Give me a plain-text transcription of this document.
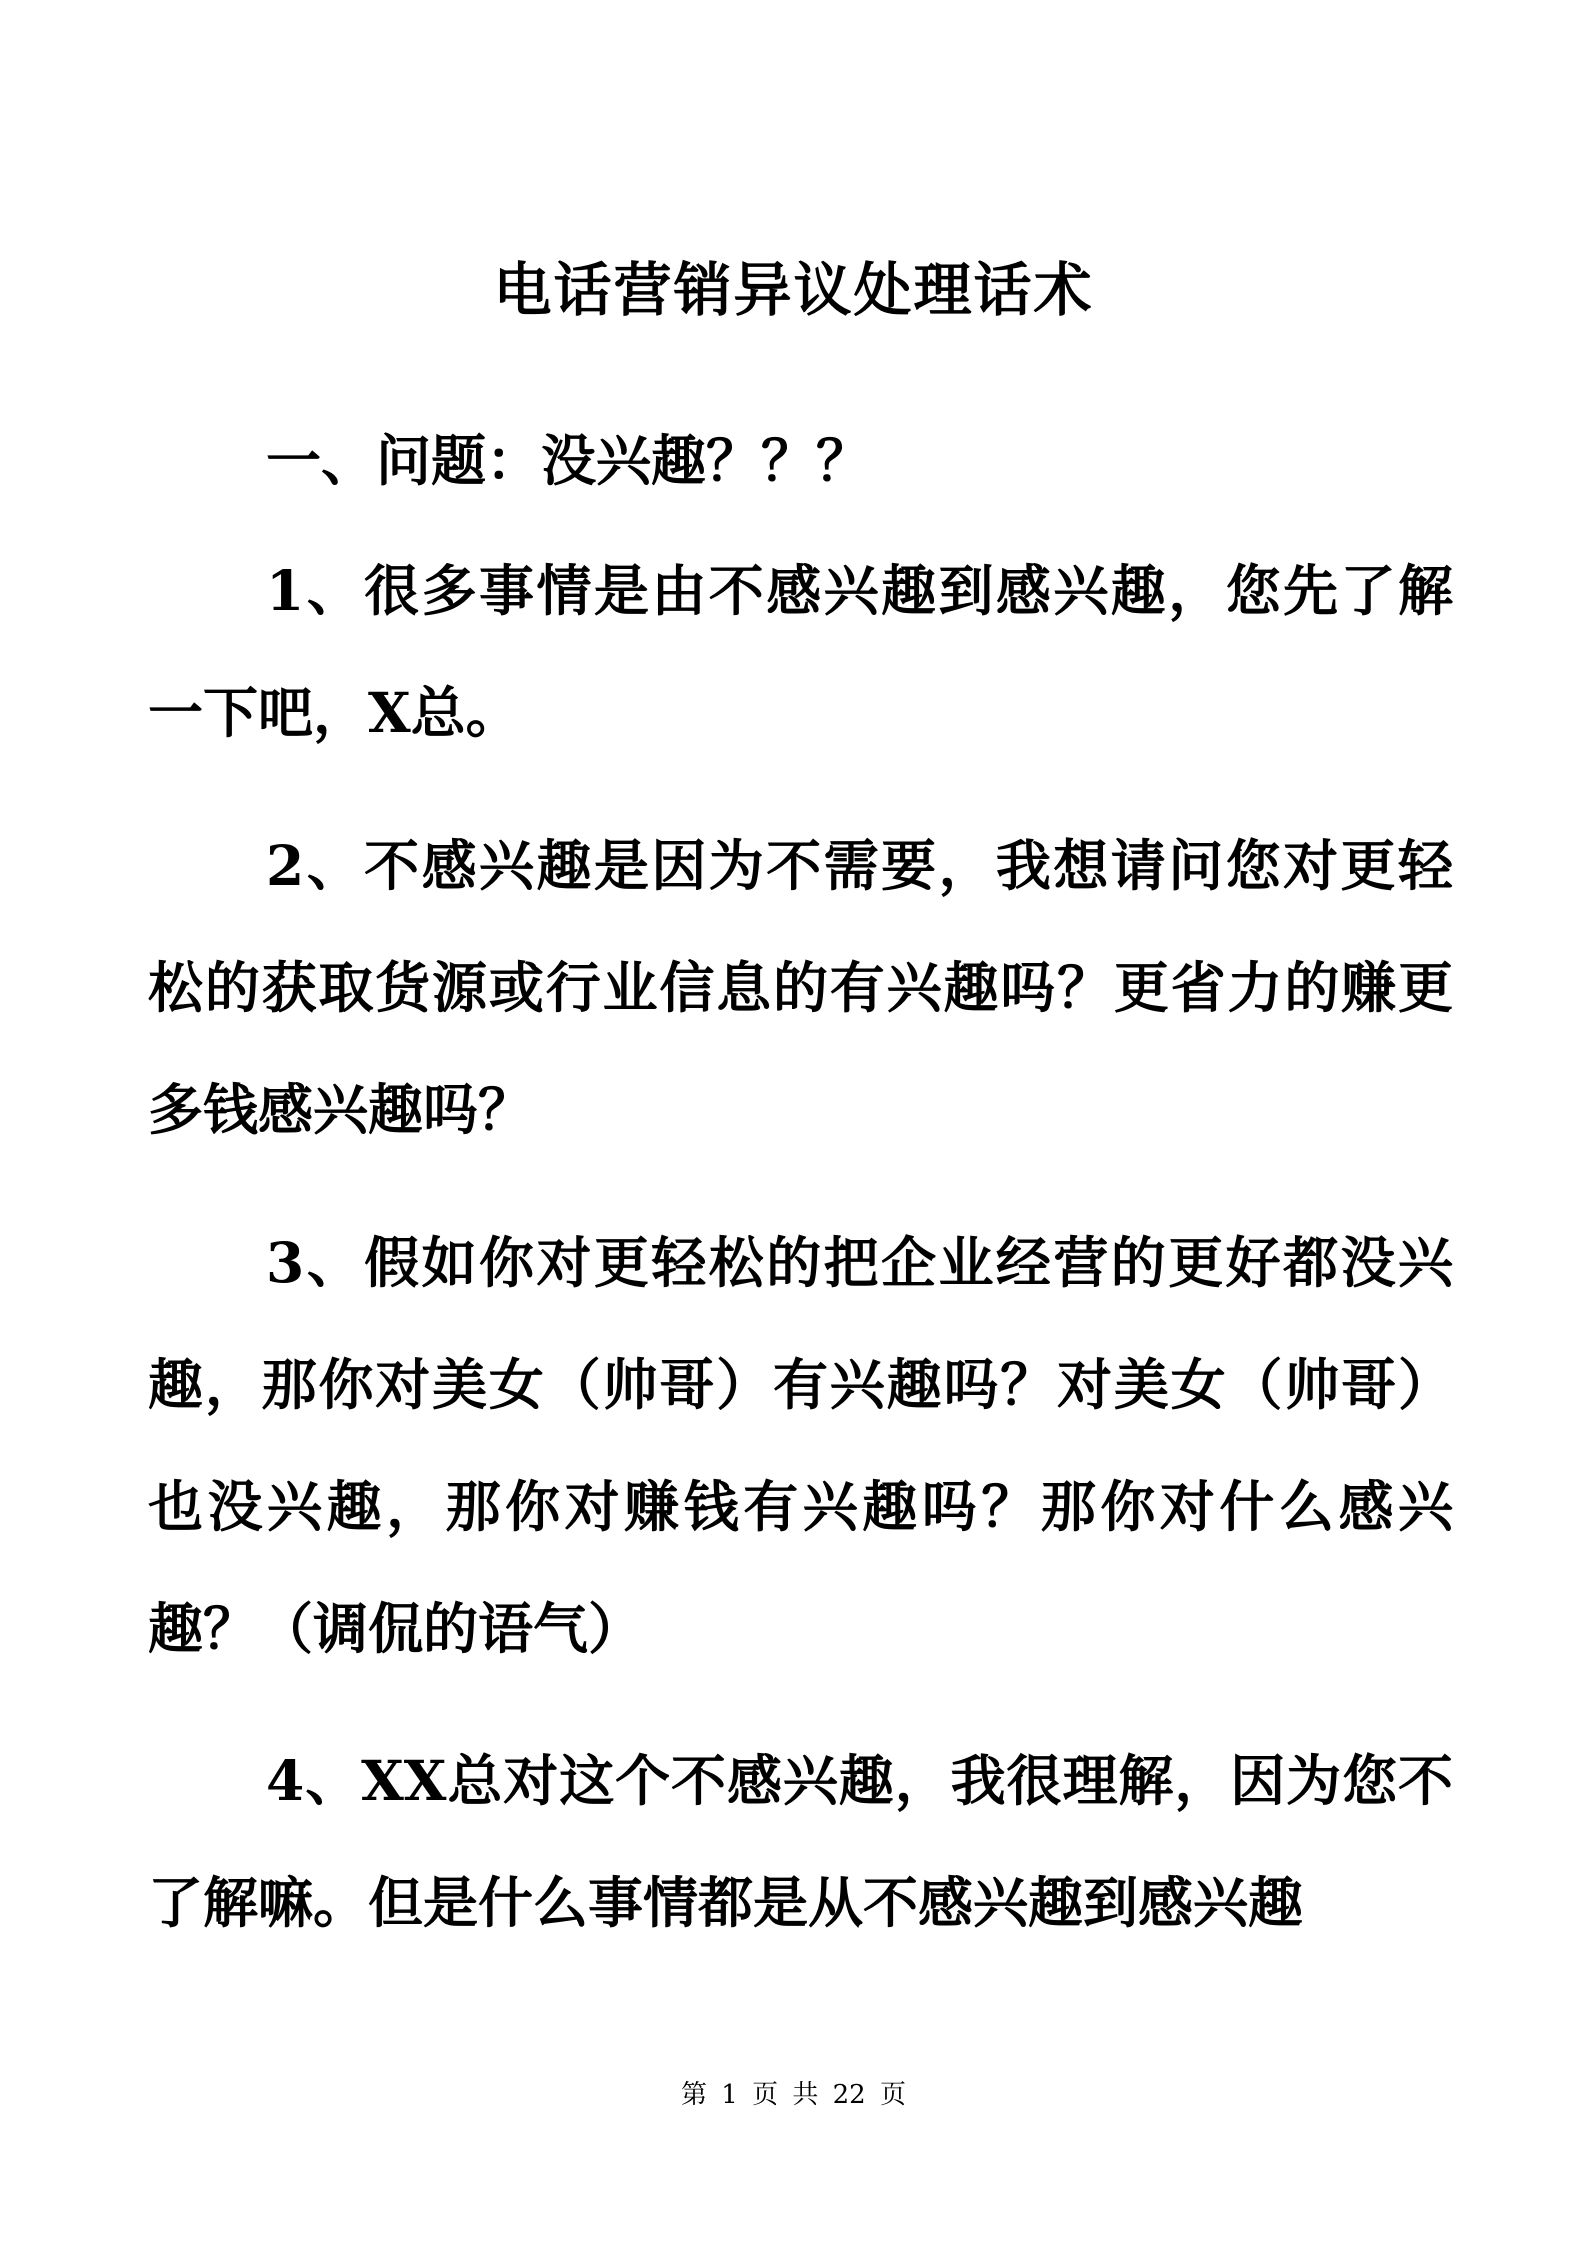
电话营销异议处理话术

一、问题：没兴趣？？？

1、很多事情是由不感兴趣到感兴趣，您先了解一下吧，X总。

2、不感兴趣是因为不需要，我想请问您对更轻松的获取货源或行业信息的有兴趣吗？更省力的赚更多钱感兴趣吗？

3、假如你对更轻松的把企业经营的更好都没兴趣，那你对美女（帅哥）有兴趣吗？对美女（帅哥）也没兴趣，那你对赚钱有兴趣吗？那你对什么感兴趣？（调侃的语气）

4、XX总对这个不感兴趣，我很理解，因为您不了解嘛。但是什么事情都是从不感兴趣到感兴趣

第 1 页 共 22 页
